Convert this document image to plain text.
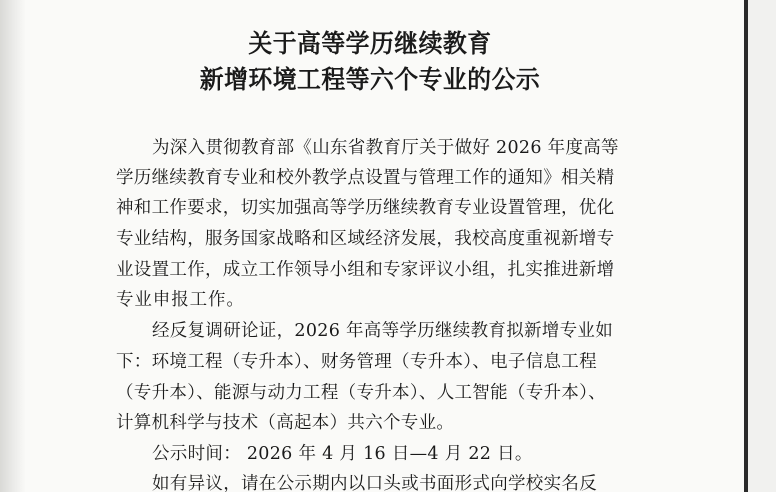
关于高等学历继续教育
新增环境工程等六个专业的公示
为深入贯彻教育部《山东省教育厅关于做好 2026 年度高等
学历继续教育专业和校外教学点设置与管理工作的通知》相关精
神和工作要求，切实加强高等学历继续教育专业设置管理，优化
专业结构，服务国家战略和区域经济发展，我校高度重视新增专
业设置工作，成立工作领导小组和专家评议小组，扎实推进新增
专业申报工作。
经反复调研论证，2026 年高等学历继续教育拟新增专业如
下：环境工程（专升本）、财务管理（专升本）、电子信息工程
（专升本）、能源与动力工程（专升本）、人工智能（专升本）、
计算机科学与技术（高起本）共六个专业。
公示时间： 2026 年 4 月 16 日—4 月 22 日。
如有异议，请在公示期内以口头或书面形式向学校实名反
